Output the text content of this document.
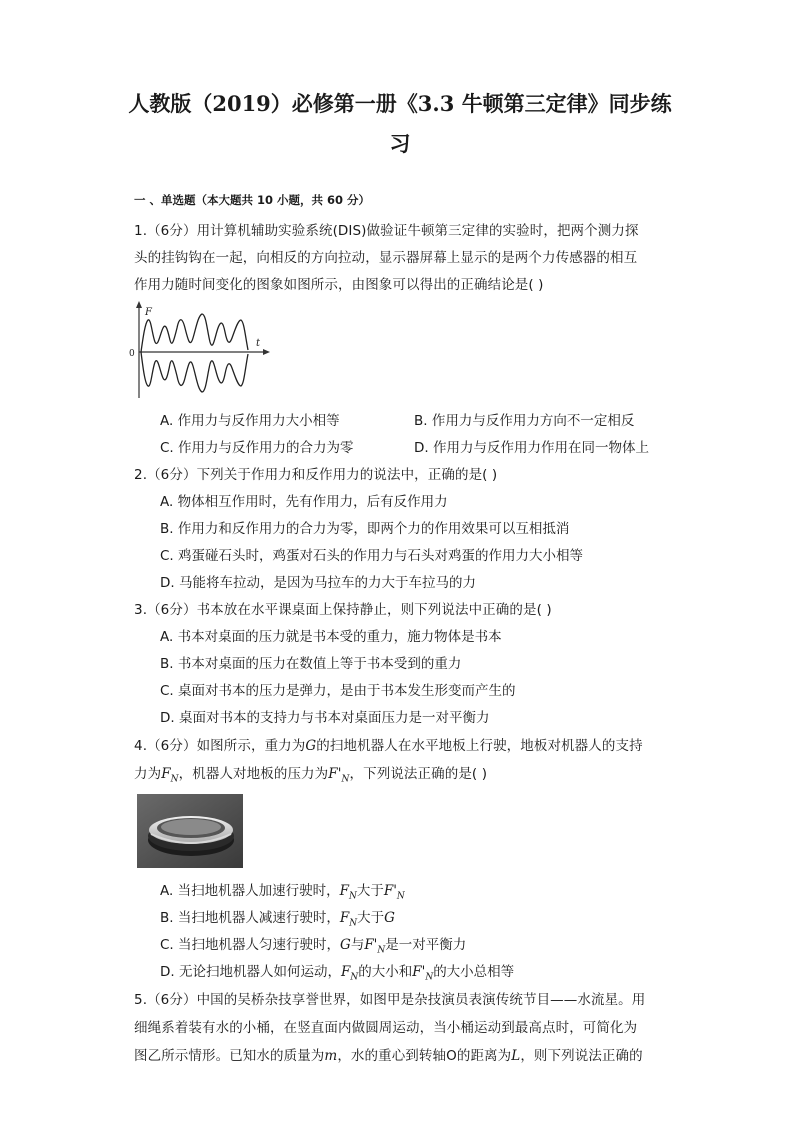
人教版（2019）必修第一册《3.3 牛顿第三定律》同步练
习
一 、单选题（本大题共 10 小题，共 60 分）
1.（6分）用计算机辅助实验系统(DIS)做验证牛顿第三定律的实验时，把两个测力探
头的挂钩钩在一起，向相反的方向拉动，显示器屏幕上显示的是两个力传感器的相互
作用力随时间变化的图象如图所示，由图象可以得出的正确结论是( )
F
t
0
A. 作用力与反作用力大小相等	B. 作用力与反作用力方向不一定相反
C. 作用力与反作用力的合力为零	D. 作用力与反作用力作用在同一物体上
2.（6分）下列关于作用力和反作用力的说法中，正确的是( )
A. 物体相互作用时，先有作用力，后有反作用力
B. 作用力和反作用力的合力为零，即两个力的作用效果可以互相抵消
C. 鸡蛋碰石头时，鸡蛋对石头的作用力与石头对鸡蛋的作用力大小相等
D. 马能将车拉动，是因为马拉车的力大于车拉马的力
3.（6分）书本放在水平课桌面上保持静止，则下列说法中正确的是( )
A. 书本对桌面的压力就是书本受的重力，施力物体是书本
B. 书本对桌面的压力在数值上等于书本受到的重力
C. 桌面对书本的压力是弹力，是由于书本发生形变而产生的
D. 桌面对书本的支持力与书本对桌面压力是一对平衡力
4.（6分）如图所示，重力为G的扫地机器人在水平地板上行驶，地板对机器人的支持
力为$F_N$，机器人对地板的压力为$F'_N$，下列说法正确的是( )
A. 当扫地机器人加速行驶时，$F_N$大于$F'_N$
B. 当扫地机器人减速行驶时，$F_N$大于G
C. 当扫地机器人匀速行驶时，G与$F'_N$是一对平衡力
D. 无论扫地机器人如何运动，$F_N$的大小和$F'_N$的大小总相等
5.（6分）中国的吴桥杂技享誉世界，如图甲是杂技演员表演传统节目——水流星。用
细绳系着装有水的小桶，在竖直面内做圆周运动，当小桶运动到最高点时，可简化为
图乙所示情形。已知水的质量为m，水的重心到转轴O的距离为L，则下列说法正确的
